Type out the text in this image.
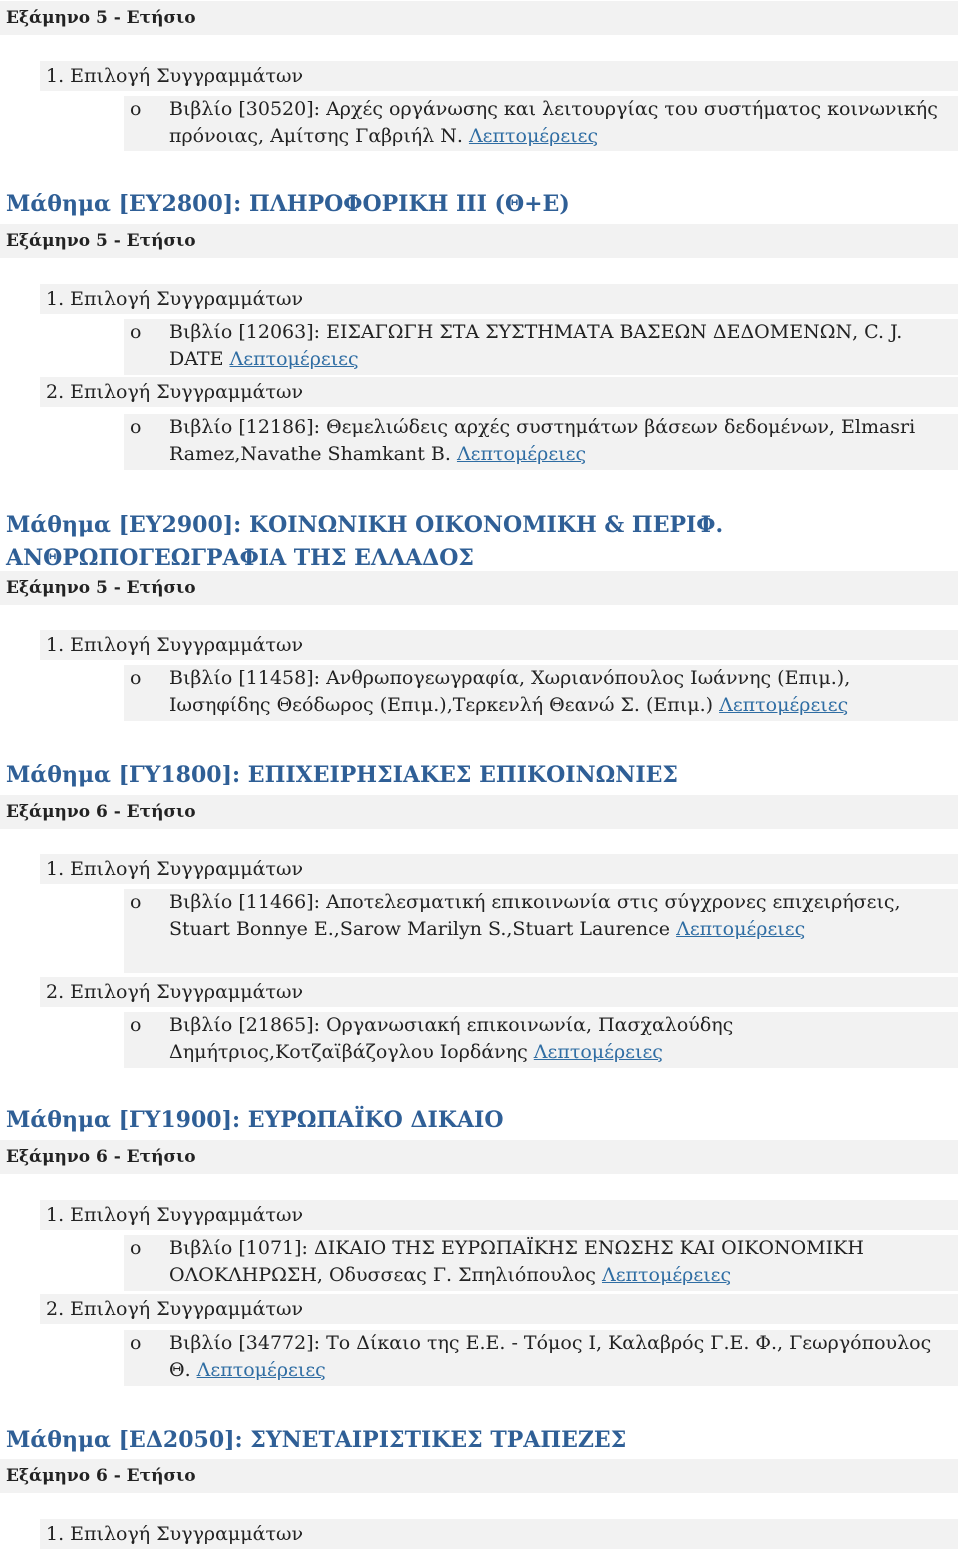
Εξάμηνο 5 - Ετήσιο
1. Επιλογή Συγγραμμάτων
o Βιβλίο [30520]: Αρχές οργάνωσης και λειτουργίας του συστήματος κοινωνικής πρόνοιας, Αμίτσης Γαβριήλ Ν. Λεπτομέρειες
Μάθημα [ΕΥ2800]: ΠΛΗΡΟΦΟΡΙΚΗ ΙΙΙ (Θ+Ε)
Εξάμηνο 5 - Ετήσιο
1. Επιλογή Συγγραμμάτων
o Βιβλίο [12063]: ΕΙΣΑΓΩΓΗ ΣΤΑ ΣΥΣΤΗΜΑΤΑ ΒΑΣΕΩΝ ΔΕΔΟΜΕΝΩΝ, C. J. DATE Λεπτομέρειες
2. Επιλογή Συγγραμμάτων
o Βιβλίο [12186]: Θεμελιώδεις αρχές συστημάτων βάσεων δεδομένων, Elmasri Ramez,Navathe Shamkant B. Λεπτομέρειες
Μάθημα [ΕΥ2900]: ΚΟΙΝΩΝΙΚΗ ΟΙΚΟΝΟΜΙΚΗ & ΠΕΡΙΦ. ΑΝΘΡΩΠΟΓΕΩΓΡΑΦΙΑ ΤΗΣ ΕΛΛΑΔΟΣ
Εξάμηνο 5 - Ετήσιο
1. Επιλογή Συγγραμμάτων
o Βιβλίο [11458]: Ανθρωπογεωγραφία, Χωριανόπουλος Ιωάννης (Επιμ.), Ιωσηφίδης Θεόδωρος (Επιμ.),Τερκενλή Θεανώ Σ. (Επιμ.) Λεπτομέρειες
Μάθημα [ΓΥ1800]: ΕΠΙΧΕΙΡΗΣΙΑΚΕΣ ΕΠΙΚΟΙΝΩΝΙΕΣ
Εξάμηνο 6 - Ετήσιο
1. Επιλογή Συγγραμμάτων
o Βιβλίο [11466]: Αποτελεσματική επικοινωνία στις σύγχρονες επιχειρήσεις, Stuart Bonnye E.,Sarow Marilyn S.,Stuart Laurence Λεπτομέρειες
2. Επιλογή Συγγραμμάτων
o Βιβλίο [21865]: Οργανωσιακή επικοινωνία, Πασχαλούδης Δημήτριος,Κοτζαϊβάζογλου Ιορδάνης Λεπτομέρειες
Μάθημα [ΓΥ1900]: ΕΥΡΩΠΑΪΚΟ ΔΙΚΑΙΟ
Εξάμηνο 6 - Ετήσιο
1. Επιλογή Συγγραμμάτων
o Βιβλίο [1071]: ΔΙΚΑΙΟ ΤΗΣ ΕΥΡΩΠΑΪΚΗΣ ΕΝΩΣΗΣ ΚΑΙ ΟΙΚΟΝΟΜΙΚΗ ΟΛΟΚΛΗΡΩΣΗ, Οδυσσεας Γ. Σπηλιόπουλος Λεπτομέρειες
2. Επιλογή Συγγραμμάτων
o Βιβλίο [34772]: Το Δίκαιο της Ε.Ε. - Τόμος Ι, Καλαβρός Γ.Ε. Φ., Γεωργόπουλος Θ. Λεπτομέρειες
Μάθημα [ΕΔ2050]: ΣΥΝΕΤΑΙΡΙΣΤΙΚΕΣ ΤΡΑΠΕΖΕΣ
Εξάμηνο 6 - Ετήσιο
1. Επιλογή Συγγραμμάτων
